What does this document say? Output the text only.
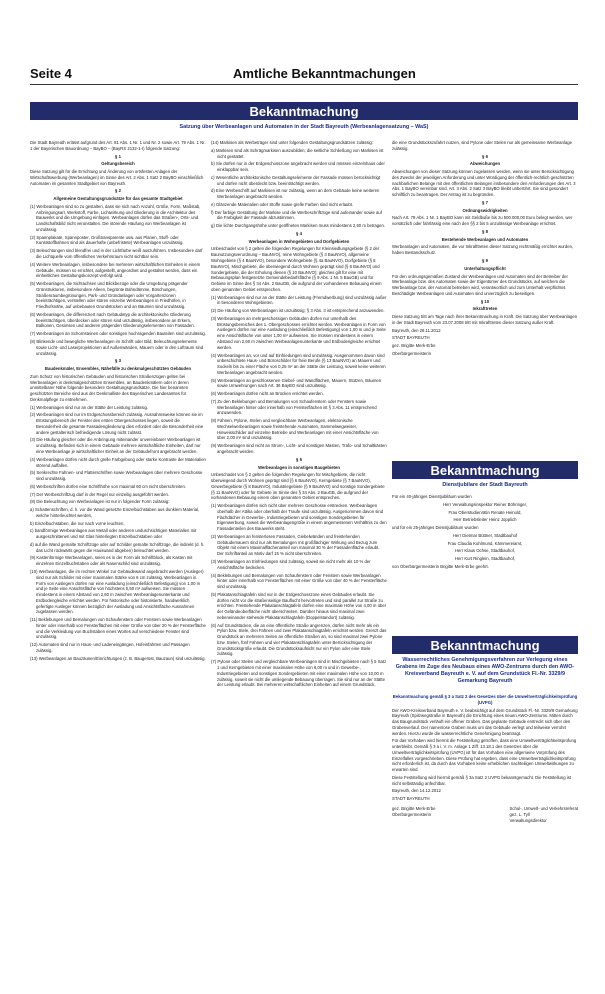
Seite 4	Amtliche Bekanntmachungen
Bekanntmachung
Satzung über Werbeanlagen und Automaten in der Stadt Bayreuth (Werbeanlagensatzung – WaS)

Die Stadt Bayreuth erlässt aufgrund des Art. 81 Abs. 1 Nr. 1 und Nr. 2 sowie Art. 79 Abs. 1 Nr. 1 der Bayerischen Bauordnung – BayBO – (BayRS 2132-1-I) folgende Satzung:

§ 1

Geltungsbereich

Diese Satzung gilt für die Errichtung und Änderung von ortsfesten Anlagen der Wirtschaftswerbung (Werbeanlagen) im Sinne des Art. 2 Abs. 1 Satz 2 BayBO einschließlich Automaten im gesamten Stadtgebiet von Bayreuth.

§ 2

Allgemeine Gestaltungsgrundsätze für das gesamte Stadtgebiet

(1) Werbeanlagen sind so zu gestalten, dass sie sich nach Anzahl, Größe, Form, Maßstab, Anbringungsart, Werkstoff, Farbe, Lichtwirkung und Gliederung in die Architektur des Bauwerks und die Umgebung einfügen. Werbeanlagen dürfen das Straßen-, Orts- und Landschaftsbild nicht verunstalten. Die störende Häufung von Werbeanlagen ist unzulässig.

(2) Spannplakate, Spannposter, Großtransparente usw. aus Planen, Stoff- oder Kunststoffbahnen sind als dauerhafte (unbefristete) Werbeanlagen unzulässig.

(3) Beleuchtungen sind blendfrei und in der Lichtfarbe weiß auszuführen. Insbesondere darf die Lichtquelle vom öffentlichen Verkehrsraum nicht sichtbar sein.

(4) Weitere Werbeanlagen, insbesondere bei mehreren wirtschaftlichen Einheiten in einem Gebäude, müssen so errichtet, aufgestellt, angeordnet und gestaltet werden, dass ein einheitliches Gestaltungskonzept verfolgt wird.

(5) Werbeanlagen, die Sichtachsen und Blickbezüge oder die Umgebung prägender Grünstrukturen, insbesondere Alleen, begrünte Bahndämme, Böschungen, Straßenraumbegrünungen, Park- und Gründanlagen oder Vorgartenzonen beeinträchtigen, verstellen oder stören einzelne Werbeanlagen in Friedhöfen, in Friedhofsnähe, auf unbebauten Grundstücken und an Bäumen sind unzulässig.

(6) Werbeanlagen, die differenziert nach Gebäudetyp die architektonische Gliederung beeinträchtigen, überdecken oder stören sind unzulässig, insbesondere an Erkern, Balkonen, Gesimsen und anderen prägenden Gliederungselementen von Fassaden.

(7) Werbeanlagen an Schornsteinen oder sonstigen hochragenden Bauteilen sind unzulässig.

(8) Blinkende und bewegliche Werbeanlagen im Schrift oder Bild, Beleuchtungselemente sowie Licht- und Laserprojektionen auf Außenwänden, Mauern oder in den Luftraum sind unzulässig.

§ 3

Baudenkmäler, Ensembles, Nähefälle zu denkmalgeschützten Gebäuden

Zum Schutz von historischen Gebäuden und historischen Straßenzügen gelten bei Werbeanlagen in denkmalgeschützten Ensembles, an Baudenkmälern oder in deren unmittelbarer Nähe folgende besondere Gestaltungsgrundsätze. Die hier benannten geschützten Bereiche sind aus der Denkmalliste des Bayerischen Landesamtes für Denkmalpflege zu entnehmen.

(1) Werbeanlagen sind nur an der Stätte der Leistung zulässig.

(2) Werbeanlagen sind nur im Erdgeschossbereich zulässig. Ausnahmsweise können sie im Brüstungsbereich der Fenster des ersten Obergeschosses liegen, soweit die Besonderheit die gesamte Fassadengliederung dies erfordert oder die Besonderheit eine andere gestalterisch befriedigende Lösung nicht zulässt.

(3) Die Häufung gleicher oder die Anbringung miteinander unvereinbarer Werbeanlagen ist unzulässig. Befinden sich in einem Gebäude mehrere wirtschaftliche Einheiten, darf nur eine Werbeanlage je wirtschaftlicher Einheit an der Gebäudefront angebracht werden.

(4) Werbeanlagen dürfen nicht durch grelle Farbgebung oder starke Kontraste der Materialien störend auffallen.

(5) Senkrechte Fahnen- und Flatterschriften sowie Werbeanlagen über mehrere Geschosse sind unzulässig.

(6) Werbeschriften dürfen eine Schrifthöhe von maximal 60 cm nicht überschreiten.

(7) Der Werbeschriftzug darf in der Regel nur einzeilig ausgeführt werden.

(8) Die Beleuchtung von Werbeanlagen ist nur in folgender Form zulässig:

a) Schattenschriften, d. h. vor die Wand gesetzte Einzelbuchstaben aus dunklem Material, welche hinterleuchtet werden,

b) Einzelbuchstaben, die nur nach vorne leuchten,

c) bandförmige Werbeanlagen aus Metall oder anderen undurchsichtigen Materialien mit ausgeschnittenen und mit Glas hinterlegten Einzelbuchstaben oder

d) auf die Wand gemalte Schriftzüge oder auf Schilder gemalte Schriftzüge, die indirekt (d. h. das Licht rückwärts gegen die Hauswand abgeben) beleuchtet werden.

(9) Kastenförmige Werbeanlagen, seien es in der Form als Schriftblock, als Kasten mit einzelnen Einzelbuchstaben oder als Nasenschild sind unzulässig.

(10) Werbeanlagen, die im rechten Winkel zur Gebäudewand angebracht werden (Ausleger) sind nur als Schilder mit einer maximalen Stärke von 6 cm zulässig. Werbeanlagen in Form von Auslegern dürfen nur eine Ausladung (einschließlich Befestigung) von 1,00 m und je Seite eine Ansichtsfläche von höchstens 0,50 m² aufweisen. Sie müssen mindestens in einem Abstand von 2,60 m zwischen Werbeanlagenunterkante und Erdbodengleiche errichtet werden. Für historische oder historisierte, handwerklich gefertigte Ausleger können bezüglich der Ausladung und Ansichtsfläche Ausnahmen zugelassen werden.

(11) Beklebungen und Bemalungen von Schaufenstern oder Fenstern sowie Werbeanlagen hinter oder innerhalb von Fensterflächen mit einer Größe von über 20 % der Fensterfläche und die Verkleidung von Buchstaben eines Wortes auf verschiedene Fenster sind unzulässig.

(12) Automaten sind nur in Haus- und Ladeneingängen, Hofeinfahrten und Passagen zulässig.

(13) Werbeanlagen an Bauzäunen/Einrichtungen (z. B. Baugerüst, Bauzaun) sind unzulässig.

(14) Markisen als Werbeträger sind unter folgenden Gestaltungsgrundsätzen zulässig:

a) Markisen sind als Schrägmarkisen auszubilden; die seitliche Schließung von Markisen ist nicht gestattet.

b) Sie dürfen nur in der Erdgeschosszone angebracht werden und müssen einzelnhaus oder einklappbar sein.

c) Wesentliche architektonische Gestaltungselemente der Fassade müssen berücksichtigt und dürfen nicht überdeckt bzw. beeinträchtigt werden.

d) Eine Werbeschrift auf Markisen ist nur zulässig, wenn an dem Gebäude keine weiteren Werbeanlagen angebracht werden.

e) Glänzende Materialien oder Stoffe sowie grelle Farben sind nicht erlaubt.

f) Der farbige Gestaltung der Markise und die Werbeschriftzüge sind aufeinander sowie auf die Farbigkeit der Fassade abzustimmen.

g) Die lichte Durchgangshöhe unter geöffneten Markisen muss mindestens 2,60 m betragen.

§ 4

Werbeanlagen in Wohngebieten und Dorfgebieten

Unbeschadet von § 2 gelten die folgenden Regelungen für Kleinsiedlungsgebiete (§ 2 der Baunutzungsverordnung – BauNVO), reine Wohngebiete (§ 3 BauNVO), allgemeine Wohngebiete (§ 4 BauNVO), besondere Wohngebiete (§ 4a BauNVO), Dorfgebiete (§ 5 BauNVO), Mischgebiete, die überwiegend durch Wohnen geprägt sind (§ 6 BauNVO) und Sondergebiete, die der Erholung dienen (§ 10 BauNVO); gleiches gilt für eine mit Bebauungsplan festgesetzte Gemeindebedarfsfläche (§ 9 Abs. 1 Nr. 5 BauGB) und für Gebiete im Sinne des § 34 Abs. 2 BauGB, die aufgrund der vorhandenen Bebauung einem oben genannten Gebiet entsprechen.

(1) Werbeanlagen sind nur an der Stätte der Leistung (Fremdwerbung) sind unzulässig außer in besonderen Wohngebieten.

(2) Die Häufung von Werbeanlagen ist unzulässig; § 3 Abs. 3 ist entsprechend anzuwenden.

(3) Werbeanlagen an mehrgeschossigen Gebäuden dürfen nur unterhalb des Brüstungsbereiches des 1. Obergeschosses errichtet werden. Werbeanlagen in Form von Auslegern dürfen nur eine Ausladung (einschließlich Befestigung) von 1,00 m und je Seite eine Ansichtsfläche von unter 1,00 m² aufweisen. Sie müssen mindestens in einem Abstand von 2,60 m zwischen Werbeanlagenunterkante und Erdbodengleiche errichtet werden.

(4) Werbeanlagen an, vor und auf Einfriedungen sind unzulässig. Ausgenommen davon sind unbeschichtete Haus- und Büroschilder für freie Berufe (§ 13 BauNVO) an Mauern und Sockeln bis zu einer Fläche von 0,25 m² an der Stätte der Leistung, soweit keine weiteren Werbeanlagen angebracht werden.

(5) Werbeanlagen an geschlossenen Giebel- und Wandflächen, Mauern, Stützen, Bäumen sowie Umwehrungen nach Art. 36 BayBO sind unzulässig.

(6) Werbeanlagen dürfen nicht an Brücken errichtet werden.

(7) Zu den Beklebungen und Bemalungen von Schaufenstern oder Fenstern sowie Werbeanlagen hinter oder innerhalb von Fensterflächen ist § 3 Abs. 11 entsprechend anzuwenden.

(8) Fahnen, Pylone, Stelen und vergleichbare Werbeanlagen, elektronische Wechselwerbeanlagen sowie freistehende Automaten, Sammelwegweiser, Hinweisschilder auf einzelne Betriebe und Werbeanlagen mit einer Ansichtsfläche von über 2,00 m² sind unzulässig.

(9) Werbeanlagen sind nicht an Strom-, Licht- und sonstigen Masten, Trafo- und Schaltkästen angebracht werden.

§ 5

Werbeanlagen in sonstigen Baugebieten

Unbeschadet von § 2 gelten die folgenden Regelungen für Mischgebiete, die nicht überwiegend durch Wohnen geprägt sind (§ 6 BauNVO), Kerngebiete (§ 7 BauNVO), Gewerbegebiete (§ 8 BauNVO), Industriegebiete (§ 9 BauNVO) und sonstige Sondergebiete (§ 11 BauNVO) oder für Gebiete im Sinne des § 34 Abs. 2 BauGB, die aufgrund der vorhandenen Bebauung einem oben genannten Gebiet entsprechen.

(1) Werbeanlagen dürfen sich nicht über mehrere Geschosse erstrecken. Werbeanlagen oberhalb der Attika oder oberhalb der Traufe sind unzulässig. Ausgenommen davon sind Flachdächer in Gewerbe-, Industriegebieten und sonstigen Sondergebieten für Eigenwerbung, soweit die Werbeanlagengröße in einem angemessenen Verhältnis zu den Fassadenteilen des Bauwerks steht.

(2) Werbeanlagen an fensterlosen Fassaden, Giebelwänden und freistehenden Gebäudemauern sind nur als Bemalungen mit großflächiger Wirkung und Bezug zum Objekt mit einem Maximalflächenanteil von maximal 30 % der Fassadenfläche erlaubt. Der Schriftanteil an Motiv darf 15 % nicht überschreiten.

(3) Werbeanlagen an Einfriedungen sind zulässig, soweit sie nicht mehr als 10 % der Ansichtsfläche bedecken.

(4) Beklebungen und Bemalungen von Schaufenstern oder Fenstern sowie Werbeanlagen hinter oder innerhalb von Fensterflächen mit einer Größe von über 40 % der Fensterfläche sind unzulässig.

(5) Plakatanschlagtafeln sind nur in der Erdgeschosszone eines Gebäudes erlaubt. Sie dürfen nicht vor die straßenseitige Bauflucht hervortreten und sind parallel zur Straße zu errichten. Freistehende Plakatanschlagtafeln dürfen eine maximale Höhe von 4,00 m über der Geländeoberfläche nicht überschreiten. Darüber hinaus sind maximal zwei nebeneinander stehende Plakatanschlagtafeln (Doppelstandort) zulässig.

(6) Auf Grundstücken, die an eine öffentliche Straße angrenzen, dürfen nicht mehr als ein Pylon bzw. Stele, drei Fahnen und zwei Plakatanschlagtafeln errichtet werden. Grenzt das Grundstück an mehreren Seiten an öffentliche Straßen an, so sind maximal zwei Pylone bzw. Stelen, fünf Fahnen und vier Plakatanschlagtafeln unter Berücksichtigung der Grundstücksgröße erlaubt. Die Grundstücksaufsicht nur ein Pylon oder eine Stele zulässig.

(7) Pylone oder Stelen und vergleichbare Werbeanlagen sind in Mischgebieten nach § 5 Satz 1 und Kerngebieten mit einer maximalen Höhe von 6,00 m und in Gewerbe-, Industriegebieten und sonstigen Sondergebieten mit einer maximalen Höhe von 10,00 m zulässig, soweit sie nicht die umliegende Bebauung überragen. Sie sind nur an der Stätte der Leistung erlaubt. Bei mehreren wirtschaftlichen Einheiten auf einem Grundstück,

die eine Grundstückszufahrt nutzen, sind Pylone oder Stelen nur als gemeinsame Werbeanlage zulässig.

§ 6

Abweichungen

Abweichungen von dieser Satzung können zugelassen werden, wenn sie unter Berücksichtigung des Zwecks der jeweiligen Anforderung und unter Würdigung der öffentlich-rechtlich geschützten nachbarlichen Belange mit den öffentlichen Belangen insbesondere den Anforderungen des Art. 3 Abs. 1 BayBO vereinbar sind. Art. 3 Abs. 2 Satz 3 BayBO bleibt unberührt. Sie sind gesondert schriftlich zu beantragen. Der Antrag ist zu begründen.

§ 7

Ordnungswidrigkeiten

Nach Art. 79 Abs. 1 Nr. 1 BayBO kann mit Geldbuße bis zu 500.000,00 Euro belegt werden, wer vorsätzlich oder fahrlässig eine nach den §§ 2 bis 5 unzulässige Werbeanlage errichtet.

§ 8

Bestehende Werbeanlagen und Automaten

Werbeanlagen und Automaten, die vor Inkrafttreten dieser Satzung rechtmäßig errichtet wurden, haben Bestandsschutz.

§ 9

Unterhaltungspflicht

Für den ordnungsgemäßen Zustand der Werbeanlagen und Automaten sind der Betreiber der Werbeanlage bzw. des Automaten sowie der Eigentümer des Grundstücks, auf welchem die Werbeanlage bzw. der Automat betrieben wird, verantwortlich und zum Unterhalt verpflichtet. Beschädigte Werbeanlagen und Automaten sind unverzüglich zu beseitigen.

§ 10

Inkrafttreten

Diese Satzung tritt am Tage nach ihrer Bekanntmachung in Kraft. Die Satzung über Werbeanlagen in der Stadt Bayreuth vom 23.07.2008 tritt mit Inkrafttreten dieser Satzung außer Kraft.

Bayreuth, den 28.11.2012

STADT BAYREUTH

gez. Brigitte Merk-Erbe

Oberbürgermeisterin

Bekanntmachung
Dienstjubilare der Stadt Bayreuth

Für ein 40-jähriges Dienstjubiläum wurden

Herr Verwaltungsinspektor Reiner Böhringer,

Frau Oberstudienrätin Renate Heinold,

Herr Betriebsleiter Heinz Jopplich

und für ein 25-jähriges Dienstjubiläum wurden

Herr Dietmar Büttner, Stadtbauhof

Frau Claudia Kuhlmund, Kämmereiamt,

Herr Klaus Ochse, Stadtbauhof,

Herr Kurt Ringlein, Stadtbauhof,

von Oberbürgermeisterin Brigitte Merk-Erbe geehrt.

Bekanntmachung
Wasserrechtliches Genehmigungsverfahren zur Verlegung eines Grabens im Zuge des Neubaus eines AWO-Zentrums durch den AWO-Kreisverband Bayreuth e. V. auf dem Grundstück Fl.-Nr. 3329/9 Gemarkung Bayreuth

Bekanntmachung gemäß § 3 a Satz 2 des Gesetzes über die Umweltverträglichkeitsprüfung (UVPG)

Der AWO-Kreisverband Bayreuth e. V. beabsichtigt auf dem Grundstück Fl.-Nr. 3329/9 Gemarkung Bayreuth (Spitzwegstraße in Bayreuth) die Errichtung eines neuen AWO-Zentrums. Mitten durch das Baugrundstück verläuft ein offener Graben. Das geplante Gebäude erstreckt sich über den Grabenverlauf. Der namenlose Graben muss um das Gebäude verlegt und teilweise verrohrt werden. Hierzu wurde die wasserrechtliche Genehmigung beantragt.

Für das Vorhaben wird hiermit die Feststellung getroffen, dass eine Umweltverträglichkeitsprüfung unterbleibt. Gemäß § 3 a i. V. m. Anlage 1 Ziff. 13.18.1 des Gesetzes über die Umweltverträglichkeitsprüfung (UVPG) ist für das Vorhaben eine allgemeine Vorprüfung des Einzelfalles vorgeschrieben. Diese Prüfung hat ergeben, dass eine Umweltverträglichkeitsprüfung nicht erforderlich ist, da durch das Vorhaben keine erheblichen nachteiligen Umweltwirkungen zu erwarten sind.

Diese Feststellung wird hiermit gemäß § 3a Satz 2 UVPG bekanntgemacht. Die Feststellung ist nicht selbständig anfechtbar.

Bayreuth, den 14.12.2012

STADT BAYREUTH

gez. Brigitte Merk-Erbe
Oberbürgermeisterin
Schul-, Umwelt- und Verkehrsreferat
gez. L. Tyll
Verwaltungsdirektor
